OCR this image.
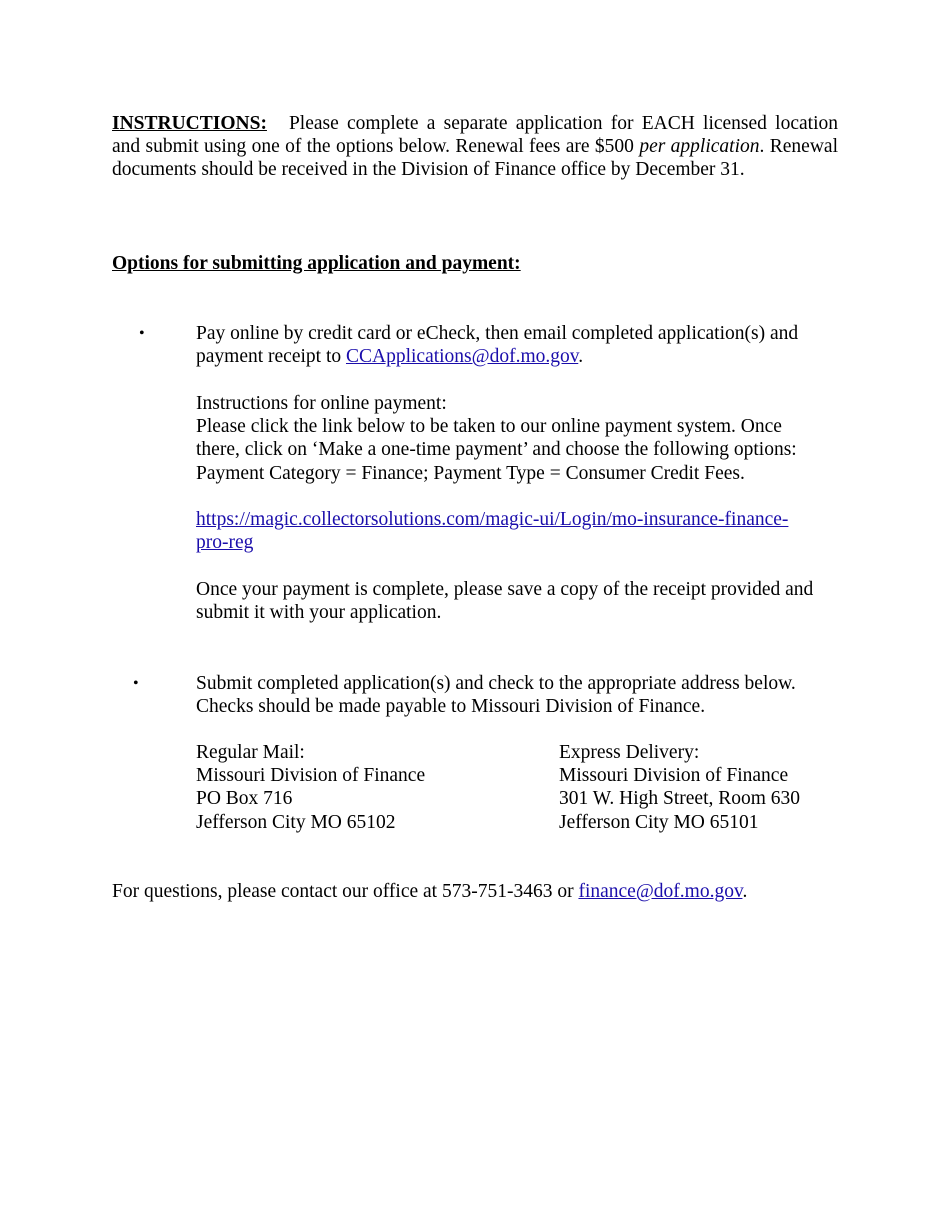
INSTRUCTIONS: Please complete a separate application for EACH licensed location and submit using one of the options below. Renewal fees are $500 per application. Renewal documents should be received in the Division of Finance office by December 31.

Options for submitting application and payment:
•	Pay online by credit card or eCheck, then email completed application(s) and
payment receipt to CCApplications@dof.mo.gov.
Instructions for online payment:
Please click the link below to be taken to our online payment system. Once
there, click on ‘Make a one-time payment’ and choose the following options:
Payment Category = Finance; Payment Type = Consumer Credit Fees.
https://magic.collectorsolutions.com/magic-ui/Login/mo-insurance-finance-
pro-reg
Once your payment is complete, please save a copy of the receipt provided and
submit it with your application.
•	Submit completed application(s) and check to the appropriate address below.
Checks should be made payable to Missouri Division of Finance.
Regular Mail:
Missouri Division of Finance
PO Box 716
Jefferson City MO 65102
Express Delivery:
Missouri Division of Finance
301 W. High Street, Room 630
Jefferson City MO 65101

For questions, please contact our office at 573-751-3463 or finance@dof.mo.gov.
